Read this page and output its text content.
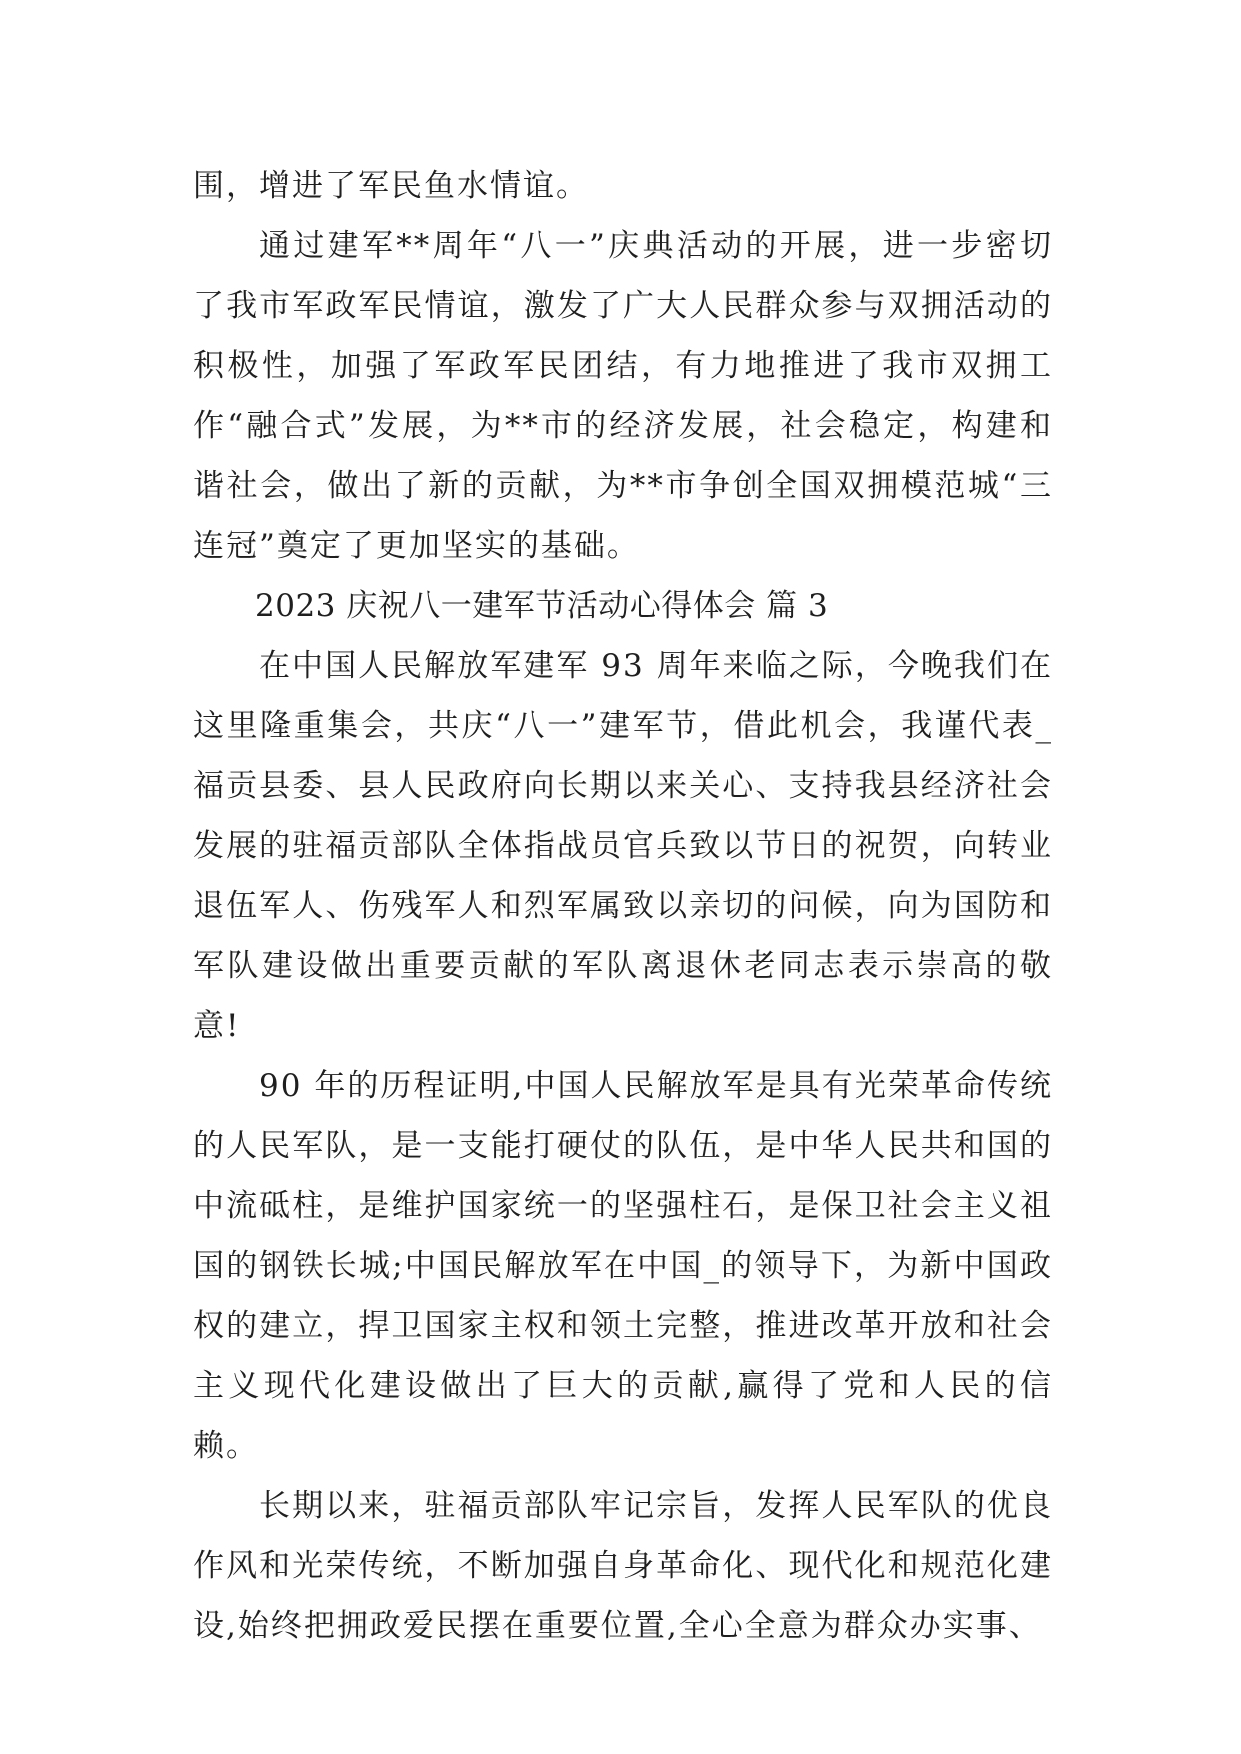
围，增进了军民鱼水情谊。

通过建军**周年“八一”庆典活动的开展，进一步密切了我市军政军民情谊，激发了广大人民群众参与双拥活动的积极性，加强了军政军民团结，有力地推进了我市双拥工作“融合式”发展，为**市的经济发展，社会稳定，构建和谐社会，做出了新的贡献，为**市争创全国双拥模范城“三连冠”奠定了更加坚实的基础。

2023 庆祝八一建军节活动心得体会 篇 3

在中国人民解放军建军 93 周年来临之际，今晚我们在这里隆重集会，共庆“八一”建军节，借此机会，我谨代表_福贡县委、县人民政府向长期以来关心、支持我县经济社会发展的驻福贡部队全体指战员官兵致以节日的祝贺，向转业退伍军人、伤残军人和烈军属致以亲切的问候，向为国防和军队建设做出重要贡献的军队离退休老同志表示崇高的敬意!

90 年的历程证明,中国人民解放军是具有光荣革命传统的人民军队，是一支能打硬仗的队伍，是中华人民共和国的中流砥柱，是维护国家统一的坚强柱石，是保卫社会主义祖国的钢铁长城;中国民解放军在中国_的领导下，为新中国政权的建立，捍卫国家主权和领土完整，推进改革开放和社会主义现代化建设做出了巨大的贡献,赢得了党和人民的信赖。

长期以来，驻福贡部队牢记宗旨，发挥人民军队的优良作风和光荣传统，不断加强自身革命化、现代化和规范化建设,始终把拥政爱民摆在重要位置,全心全意为群众办实事、
